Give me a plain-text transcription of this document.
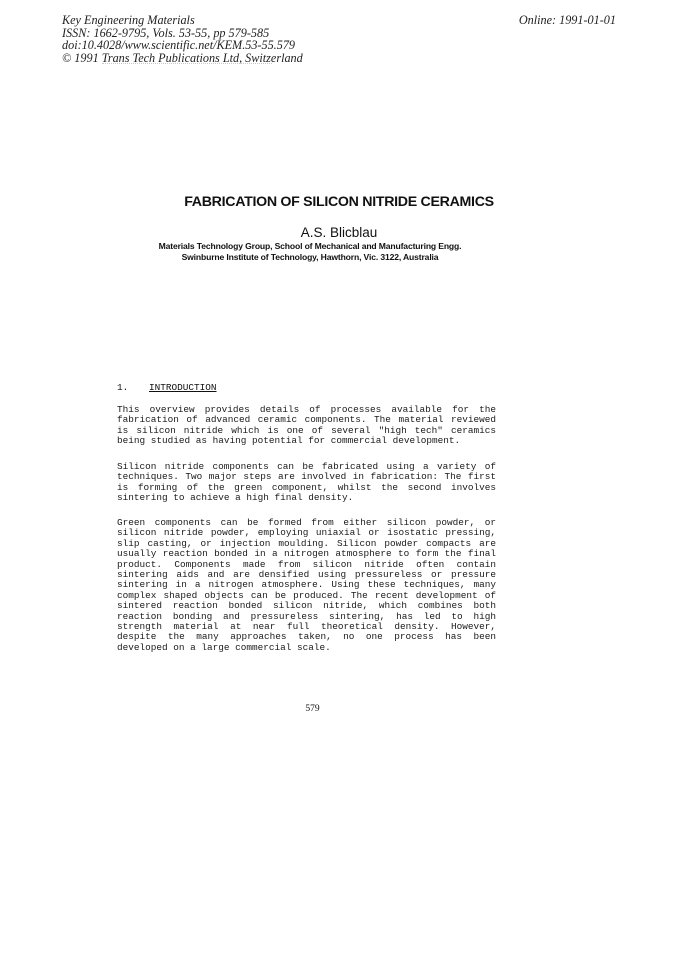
Key Engineering Materials
ISSN: 1662-9795, Vols. 53-55, pp 579-585
doi:10.4028/www.scientific.net/KEM.53-55.579
© 1991 Trans Tech Publications Ltd, Switzerland
Online: 1991-01-01
FABRICATION OF SILICON NITRIDE CERAMICS
A.S. Blicblau
Materials Technology Group, School of Mechanical and Manufacturing Engg.
Swinburne Institute of Technology, Hawthorn, Vic. 3122, Australia
1. INTRODUCTION
This overview provides details of processes available for the fabrication of advanced ceramic components. The material reviewed is silicon nitride which is one of several "high tech" ceramics being studied as having potential for commercial development.
Silicon nitride components can be fabricated using a variety of techniques. Two major steps are involved in fabrication: The first is forming of the green component, whilst the second involves sintering to achieve a high final density.
Green components can be formed from either silicon powder, or silicon nitride powder, employing uniaxial or isostatic pressing, slip casting, or injection moulding. Silicon powder compacts are usually reaction bonded in a nitrogen atmosphere to form the final product. Components made from silicon nitride often contain sintering aids and are densified using pressureless or pressure sintering in a nitrogen atmosphere. Using these techniques, many complex shaped objects can be produced. The recent development of sintered reaction bonded silicon nitride, which combines both reaction bonding and pressureless sintering, has led to high strength material at near full theoretical density. However, despite the many approaches taken, no one process has been developed on a large commercial scale.
579
